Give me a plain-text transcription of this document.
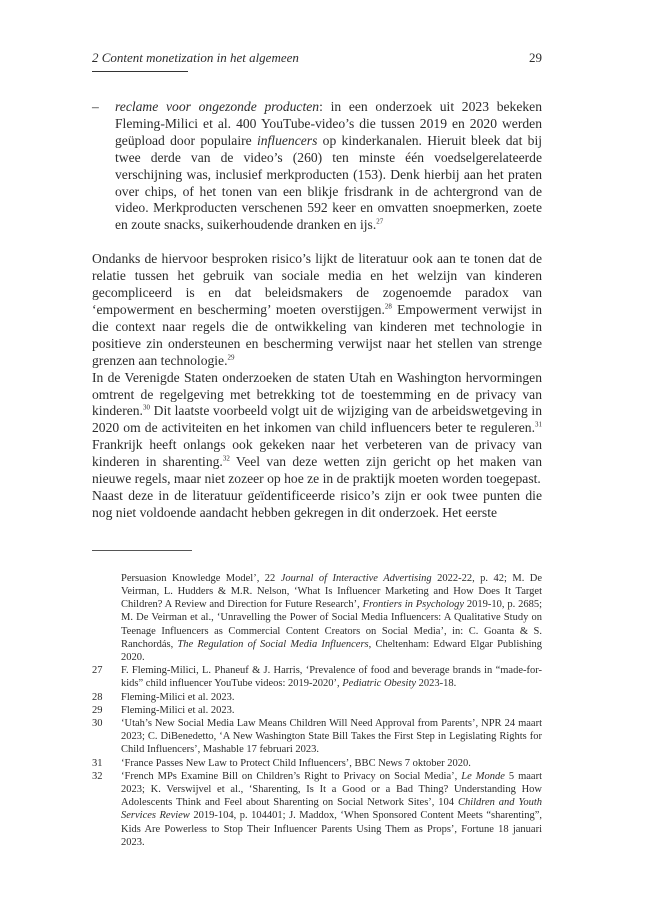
2 Content monetization in het algemeen	29
–	reclame voor ongezonde producten: in een onderzoek uit 2023 bekeken Fleming-Milici et al. 400 YouTube-video’s die tussen 2019 en 2020 werden geüpload door populaire influencers op kinderkanalen. Hieruit bleek dat bij twee derde van de video’s (260) ten minste één voedselgerelateerde verschijning was, inclusief merkproducten (153). Denk hierbij aan het praten over chips, of het tonen van een blikje frisdrank in de achtergrond van de video. Merkproducten verschenen 592 keer en omvatten snoepmerken, zoete en zoute snacks, suikerhoudende dranken en ijs.$^{27}$
Ondanks de hiervoor besproken risico’s lijkt de literatuur ook aan te tonen dat de relatie tussen het gebruik van sociale media en het welzijn van kinderen gecompliceerd is en dat beleidsmakers de zogenoemde paradox van ‘empowerment en bescherming’ moeten overstijgen.$^{28}$ Empowerment verwijst in die context naar regels die de ontwikkeling van kinderen met technologie in positieve zin ondersteunen en bescherming verwijst naar het stellen van strenge grenzen aan technologie.$^{29}$
In de Verenigde Staten onderzoeken de staten Utah en Washington hervormingen omtrent de regelgeving met betrekking tot de toestemming en de privacy van kinderen.$^{30}$ Dit laatste voorbeeld volgt uit de wijziging van de arbeidswetgeving in 2020 om de activiteiten en het inkomen van child influencers beter te reguleren.$^{31}$ Frankrijk heeft onlangs ook gekeken naar het verbeteren van de privacy van kinderen in sharenting.$^{32}$ Veel van deze wetten zijn gericht op het maken van nieuwe regels, maar niet zozeer op hoe ze in de praktijk moeten worden toegepast.
Naast deze in de literatuur geïdentificeerde risico’s zijn er ook twee punten die nog niet voldoende aandacht hebben gekregen in dit onderzoek. Het eerste
Persuasion Knowledge Model’, 22 Journal of Interactive Advertising 2022-22, p. 42; M. De Veirman, L. Hudders & M.R. Nelson, ‘What Is Influencer Marketing and How Does It Target Children? A Review and Direction for Future Research’, Frontiers in Psychology 2019-10, p. 2685; M. De Veirman et al., ‘Unravelling the Power of Social Media Influencers: A Qualitative Study on Teenage Influencers as Commercial Content Creators on Social Media’, in: C. Goanta & S. Ranchordás, The Regulation of Social Media Influencers, Cheltenham: Edward Elgar Publishing 2020.
27	F. Fleming-Milici, L. Phaneuf & J. Harris, ‘Prevalence of food and beverage brands in “made-for-kids” child influencer YouTube videos: 2019-2020’, Pediatric Obesity 2023-18.
28	Fleming-Milici et al. 2023.
29	Fleming-Milici et al. 2023.
30	‘Utah’s New Social Media Law Means Children Will Need Approval from Parents’, NPR 24 maart 2023; C. DiBenedetto, ‘A New Washington State Bill Takes the First Step in Legislating Rights for Child Influencers’, Mashable 17 februari 2023.
31	‘France Passes New Law to Protect Child Influencers’, BBC News 7 oktober 2020.
32	‘French MPs Examine Bill on Children’s Right to Privacy on Social Media’, Le Monde 5 maart 2023; K. Verswijvel et al., ‘Sharenting, Is It a Good or a Bad Thing? Understanding How Adolescents Think and Feel about Sharenting on Social Network Sites’, 104 Children and Youth Services Review 2019-104, p. 104401; J. Maddox, ‘When Sponsored Content Meets “sharenting”, Kids Are Powerless to Stop Their Influencer Parents Using Them as Props’, Fortune 18 januari 2023.
